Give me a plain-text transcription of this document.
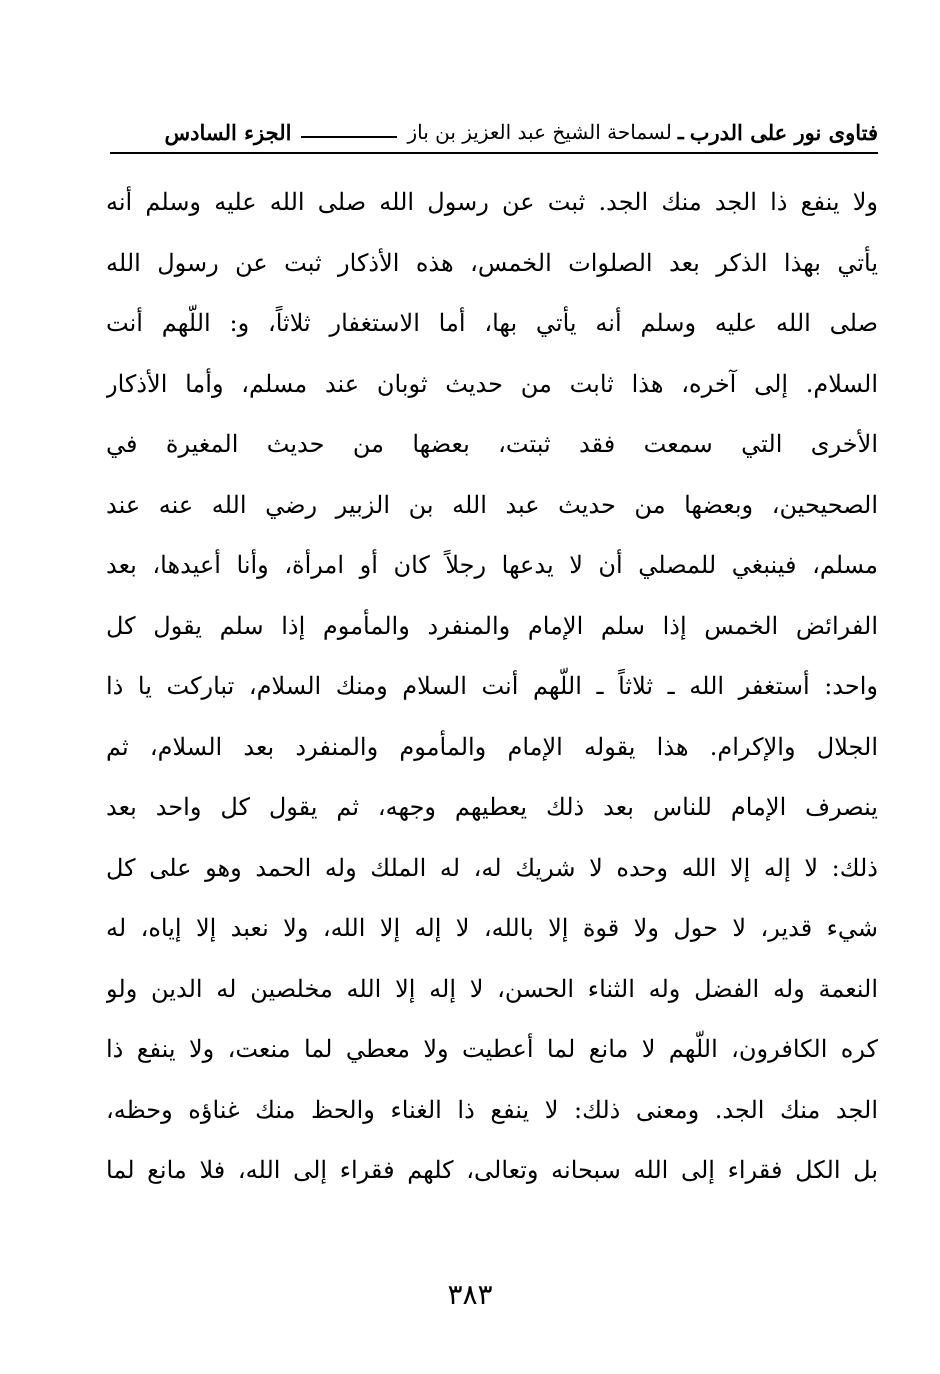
فتاوى نور على الدرب
ـ
لسماحة الشيخ عبد العزيز بن باز
الجزء السادس
ولا ينفع ذا الجد منك الجد. ثبت عن رسول الله صلى الله عليه وسلم أنه
يأتي بهذا الذكر بعد الصلوات الخمس، هذه الأذكار ثبت عن رسول الله
صلى الله عليه وسلم أنه يأتي بها، أما الاستغفار ثلاثاً، و: اللّهم أنت
السلام. إلى آخره، هذا ثابت من حديث ثوبان عند مسلم، وأما الأذكار
الأخرى التي سمعت فقد ثبتت، بعضها من حديث المغيرة في
الصحيحين، وبعضها من حديث عبد الله بن الزبير رضي الله عنه عند
مسلم، فينبغي للمصلي أن لا يدعها رجلاً كان أو امرأة، وأنا أعيدها، بعد
الفرائض الخمس إذا سلم الإمام والمنفرد والمأموم إذا سلم يقول كل
واحد: أستغفر الله ـ ثلاثاً ـ اللّهم أنت السلام ومنك السلام، تباركت يا ذا
الجلال والإكرام. هذا يقوله الإمام والمأموم والمنفرد بعد السلام، ثم
ينصرف الإمام للناس بعد ذلك يعطيهم وجهه، ثم يقول كل واحد بعد
ذلك: لا إله إلا الله وحده لا شريك له، له الملك وله الحمد وهو على كل
شيء قدير، لا حول ولا قوة إلا بالله، لا إله إلا الله، ولا نعبد إلا إياه، له
النعمة وله الفضل وله الثناء الحسن، لا إله إلا الله مخلصين له الدين ولو
كره الكافرون، اللّهم لا مانع لما أعطيت ولا معطي لما منعت، ولا ينفع ذا
الجد منك الجد. ومعنى ذلك: لا ينفع ذا الغناء والحظ منك غناؤه وحظه،
بل الكل فقراء إلى الله سبحانه وتعالى، كلهم فقراء إلى الله، فلا مانع لما
٣٨٣
